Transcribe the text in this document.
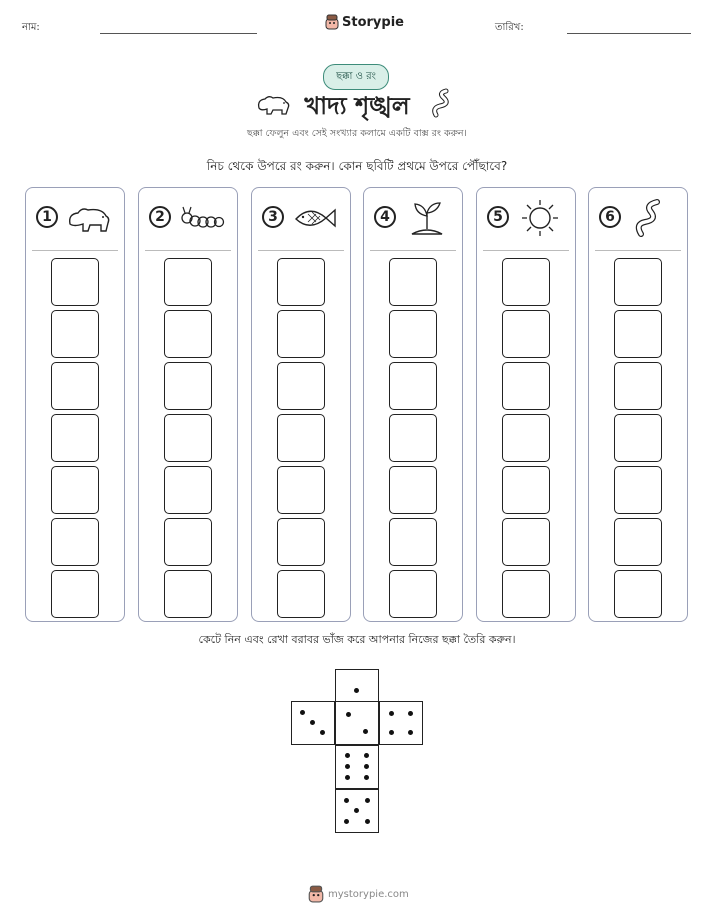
নাম:	Storypie	তারিখ:
ছক্কা ও রং
খাদ্য শৃঙ্খল
ছক্কা ফেলুন এবং সেই সংখ্যার কলামে একটি বাক্স রং করুন।
নিচ থেকে উপরে রং করুন। কোন ছবিটি প্রথমে উপরে পৌঁছাবে?
1	2	3	4	5	6
কেটে নিন এবং রেখা বরাবর ভাঁজ করে আপনার নিজের ছক্কা তৈরি করুন।
mystorypie.com
